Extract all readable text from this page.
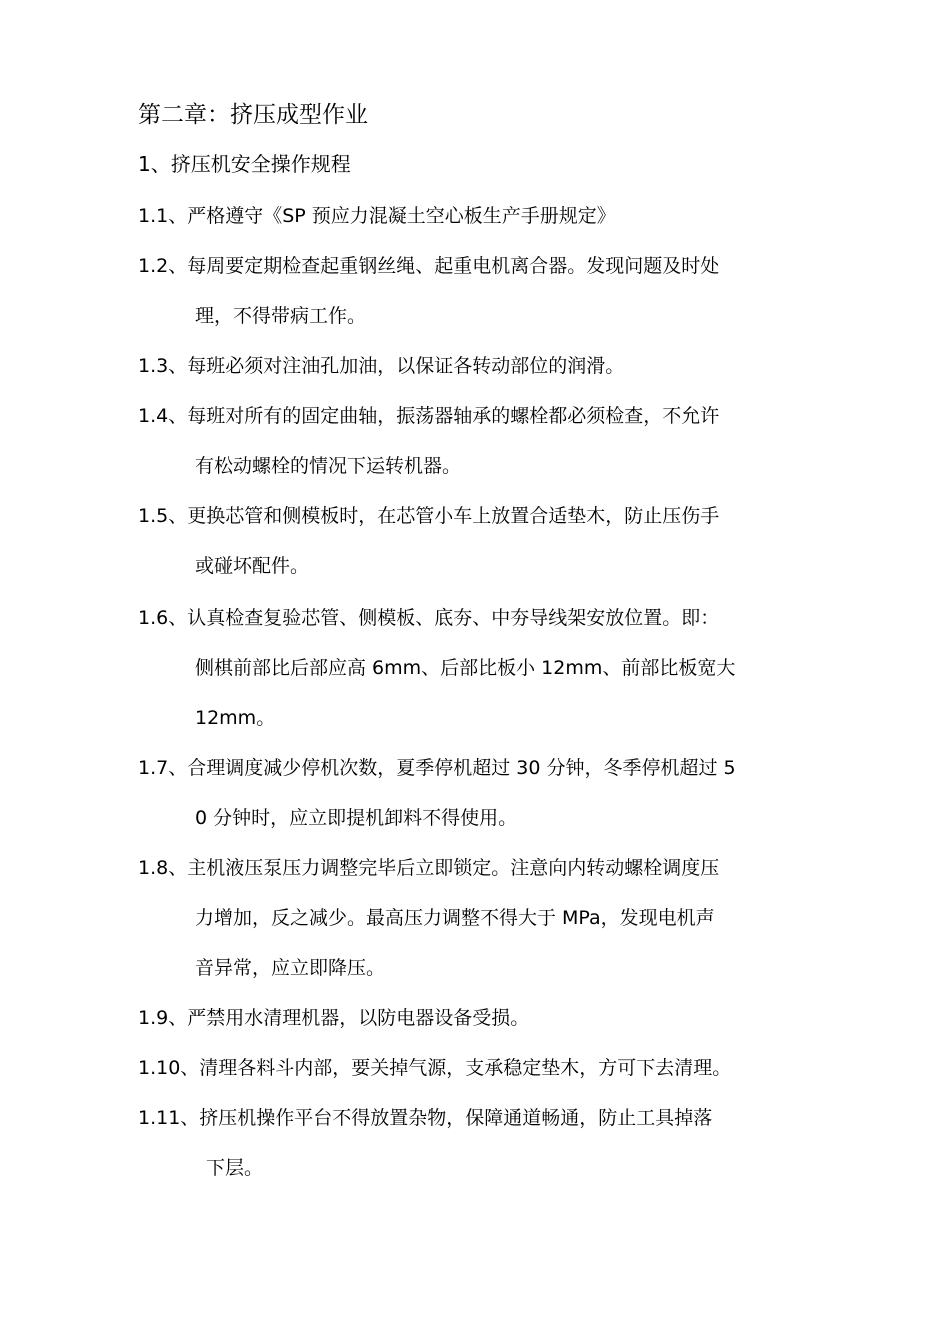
第二章：挤压成型作业
1、挤压机安全操作规程
1.1、严格遵守《SP 预应力混凝土空心板生产手册规定》
1.2、每周要定期检查起重钢丝绳、起重电机离合器。发现问题及时处
理，不得带病工作。
1.3、每班必须对注油孔加油，以保证各转动部位的润滑。
1.4、每班对所有的固定曲轴，振荡器轴承的螺栓都必须检查，不允许
有松动螺栓的情况下运转机器。
1.5、更换芯管和侧模板时，在芯管小车上放置合适垫木，防止压伤手
或碰坏配件。
1.6、认真检查复验芯管、侧模板、底夯、中夯导线架安放位置。即：
侧棋前部比后部应高 6mm、后部比板小 12mm、前部比板宽大
12mm。
1.7、合理调度减少停机次数，夏季停机超过 30 分钟，冬季停机超过 5
0 分钟时，应立即提机卸料不得使用。
1.8、主机液压泵压力调整完毕后立即锁定。注意向内转动螺栓调度压
力增加，反之减少。最高压力调整不得大于 MPa，发现电机声
音异常，应立即降压。
1.9、严禁用水清理机器，以防电器设备受损。
1.10、清理各料斗内部，要关掉气源，支承稳定垫木，方可下去清理。
1.11、挤压机操作平台不得放置杂物，保障通道畅通，防止工具掉落
下层。
